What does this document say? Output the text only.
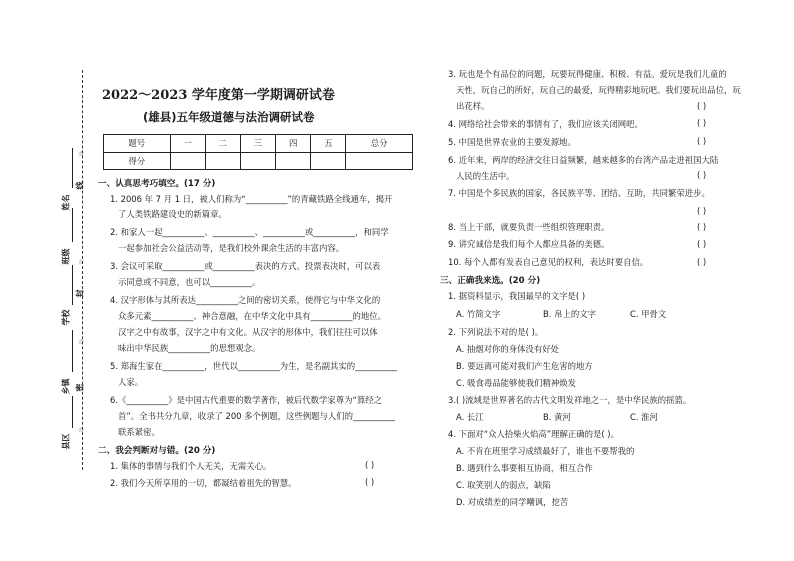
姓名
班级
学校
乡镇
县区
密
封
线
☆
☆
☆
☆
2022～2023 学年度第一学期调研试卷
(雄县)五年级道德与法治调研试卷
题号	一	二	三	四	五	总分
得分						
一、认真思考巧填空。(17 分)
1. 2006 年 7 月 1 日，被人们称为“__________”的青藏铁路全线通车，揭开
了人类铁路建设史的新篇章。
2. 和家人一起__________、__________、__________或__________，和同学
一起参加社会公益活动等，是我们校外课余生活的丰富内容。
3. 会议可采取__________或__________表决的方式。投票表决时，可以表
示同意或不同意，也可以__________。
4. 汉字形体与其所表达__________之间的密切关系，使得它与中华文化的
众多元素__________、神合意融，在中华文化中具有__________的地位。
汉字之中有故事，汉字之中有文化。从汉字的形体中，我们往往可以体
味出中华民族__________的思想观念。
5. 郑海生家在__________，世代以__________为生，是名副其实的__________
人家。
6.《__________》是中国古代重要的数学著作，被后代数学家尊为“算经之
首”。全书共分九章，收录了 200 多个例题，这些例题与人们的__________
联系紧密。
二、我会判断对与错。(20 分)
1. 集体的事情与我们个人无关，无需关心。	( )
2. 我们今天所享用的一切，都凝结着祖先的智慧。	( )
3. 玩也是个有品位的问题，玩要玩得健康、积极、有益。爱玩是我们儿童的
天性，玩自己的所好，玩自己的最爱，玩得精彩地玩吧。我们要玩出品位，玩
出花样。	( )
4. 网络给社会带来的事情有了，我们应该关闭网吧。	( )
5. 中国是世界农业的主要发源地。	( )
6. 近年来，两岸的经济交往日益频繁，越来越多的台湾产品走进祖国大陆
人民的生活中。	( )
7. 中国是个多民族的国家，各民族平等、团结、互助，共同繁荣进步。
( )
8. 当上干部，就要负责一些组织管理职责。	( )
9. 讲究诚信是我们每个人都应具备的美德。	( )
10. 每个人都有发表自己意见的权利，表达时要自信。	( )
三、正确我来选。(20 分)
1. 据资料显示，我国最早的文字是( )
A. 竹简文字	B. 帛上的文字	C. 甲骨文
2. 下列说法不对的是( )。
A. 抽烟对你的身体没有好处
B. 要远离可能对我们产生危害的地方
C. 吸食毒品能够使我们精神焕发
3.( )流域是世界著名的古代文明发祥地之一，是中华民族的摇篮。
A. 长江	B. 黄河	C. 淮河
4. 下面对“众人拾柴火焰高”理解正确的是( )。
A. 不肯在班里学习成绩最好了，谁也不要帮我的
B. 遇到什么事要相互协商，相互合作
C. 取笑别人的弱点，缺陷
D. 对成绩差的同学嘲讽，挖苦
